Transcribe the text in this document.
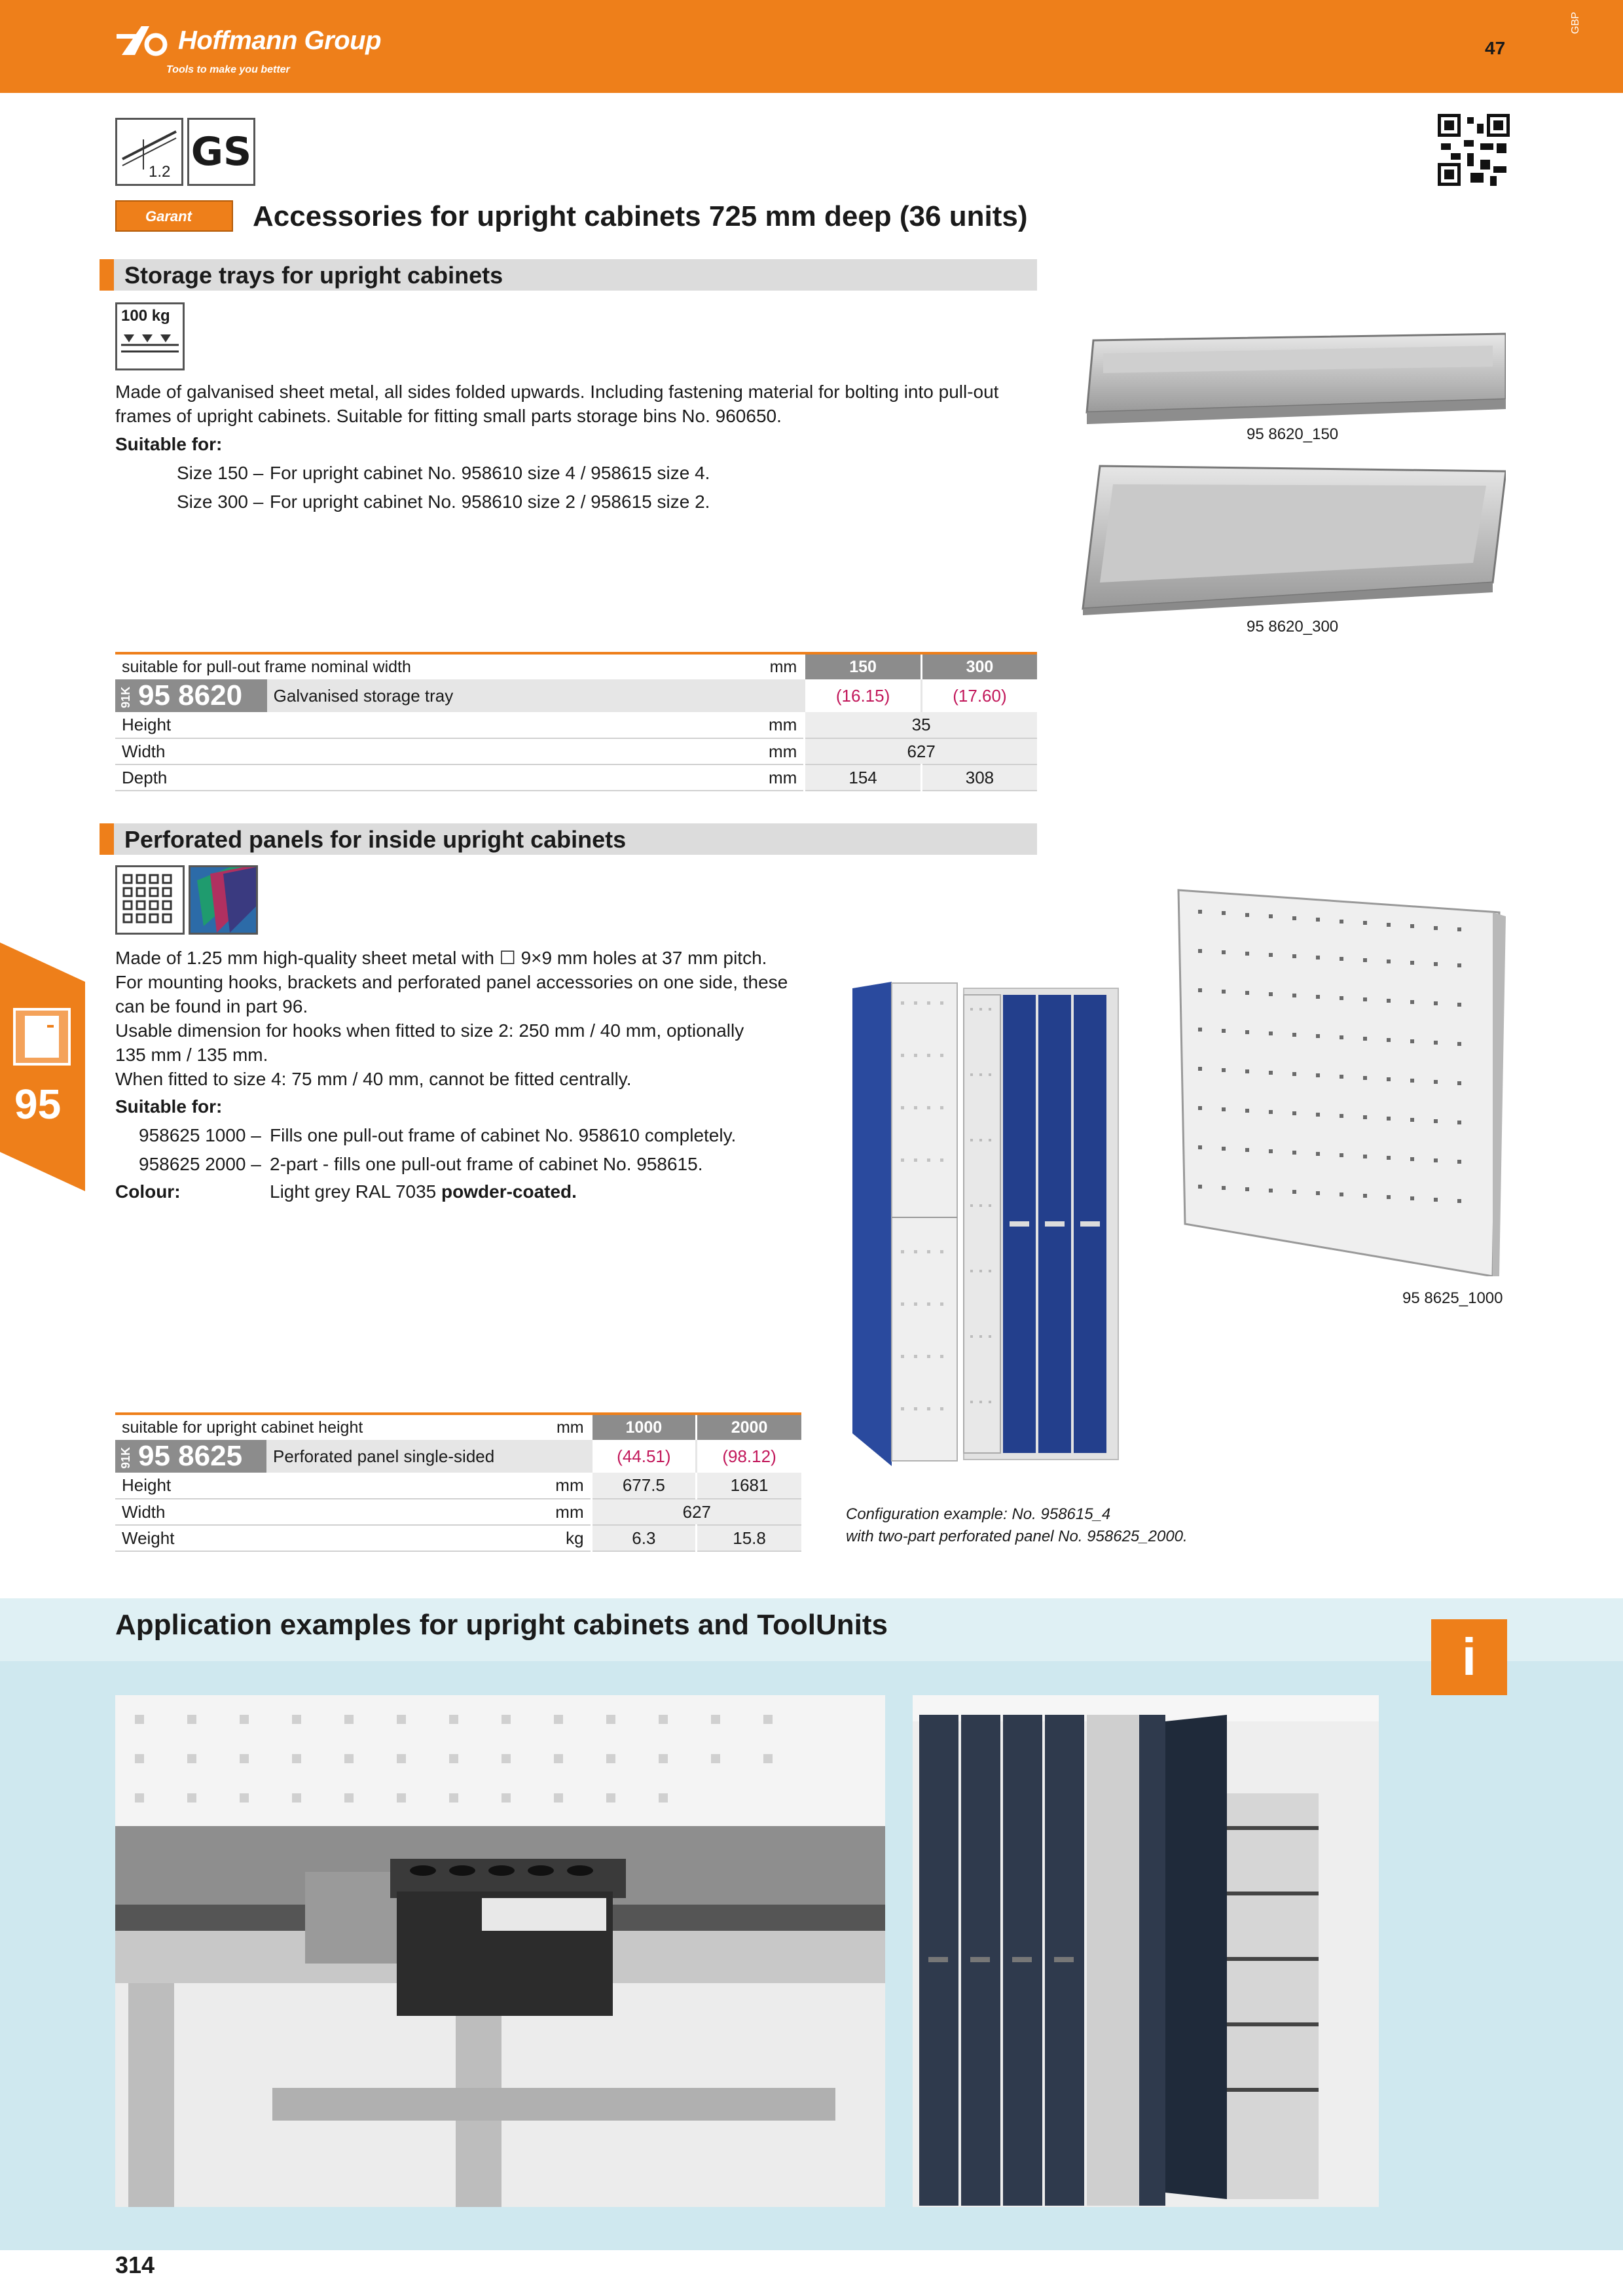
Hoffmann Group
Tools to make you better
47
GBP
1.2 GS
Garant	Accessories for upright cabinets 725 mm deep (36 units)
Storage trays for upright cabinets
100 kg
Made of galvanised sheet metal, all sides folded upwards. Including fastening material for bolting into pull-out
frames of upright cabinets. Suitable for fitting small parts storage bins No. 960650.
Suitable for:
Size 150 – For upright cabinet No. 958610 size 4 / 958615 size 4.
Size 300 – For upright cabinet No. 958610 size 2 / 958615 size 2.
95 8620_150
95 8620_300
suitable for pull-out frame nominal width		mm	150	300
91K 95 8620	Galvanised storage tray		(16.15)	(17.60)
Height		mm	35	
Width		mm	627	
Depth		mm	154	308
Perforated panels for inside upright cabinets
Made of 1.25 mm high-quality sheet metal with ☐ 9×9 mm holes at 37 mm pitch.
For mounting hooks, brackets and perforated panel accessories on one side, these
can be found in part 96.
Usable dimension for hooks when fitted to size 2: 250 mm / 40 mm, optionally
135 mm / 135 mm.
When fitted to size 4: 75 mm / 40 mm, cannot be fitted centrally.
Suitable for:
958625 1000 – Fills one pull-out frame of cabinet No. 958610 completely.
958625 2000 – 2-part - fills one pull-out frame of cabinet No. 958615.
Colour:	Light grey RAL 7035 powder-coated.
Configuration example: No. 958615_4
with two-part perforated panel No. 958625_2000.
95 8625_1000
suitable for upright cabinet height		mm	1000	2000
91K 95 8625	Perforated panel single-sided		(44.51)	(98.12)
Height		mm	677.5	1681
Width		mm	627	
Weight		kg	6.3	15.8
95
Application examples for upright cabinets and ToolUnits
i
314
